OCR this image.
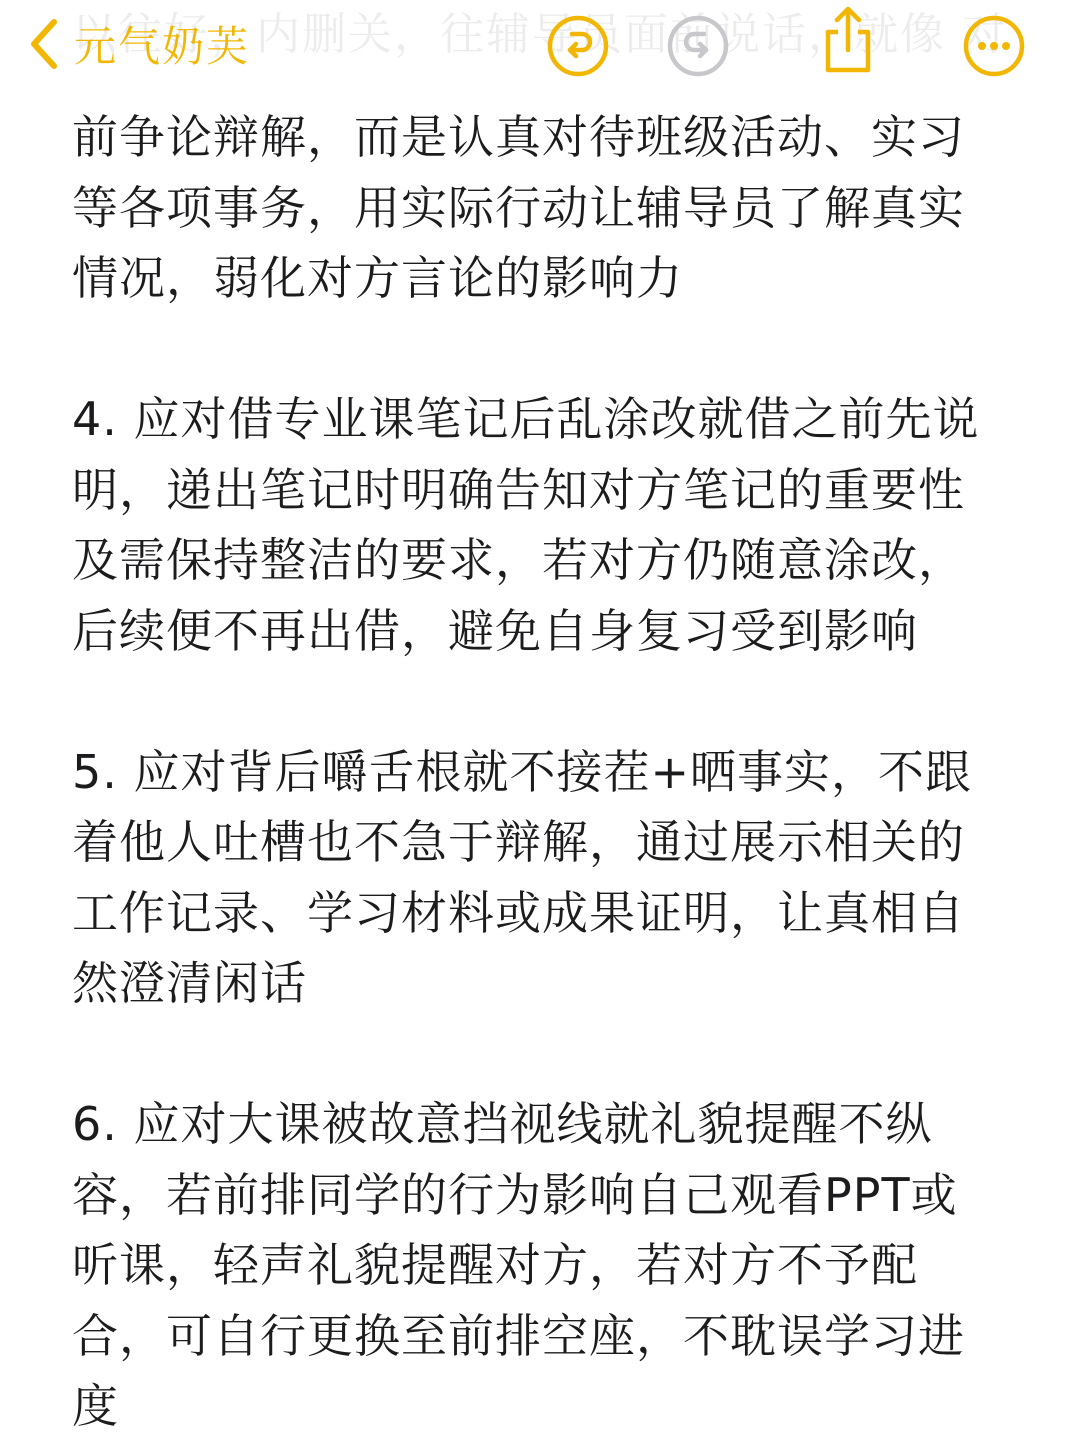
元气奶芙

前争论辩解，而是认真对待班级活动、实习等各项事务，用实际行动让辅导员了解真实情况，弱化对方言论的影响力

4. 应对借专业课笔记后乱涂改就借之前先说明，递出笔记时明确告知对方笔记的重要性及需保持整洁的要求，若对方仍随意涂改，后续便不再出借，避免自身复习受到影响

5. 应对背后嚼舌根就不接茬+晒事实，不跟着他人吐槽也不急于辩解，通过展示相关的工作记录、学习材料或成果证明，让真相自然澄清闲话

6. 应对大课被故意挡视线就礼貌提醒不纵容，若前排同学的行为影响自己观看PPT或听课，轻声礼貌提醒对方，若对方不予配合，可自行更换至前排空座，不耽误学习进度
